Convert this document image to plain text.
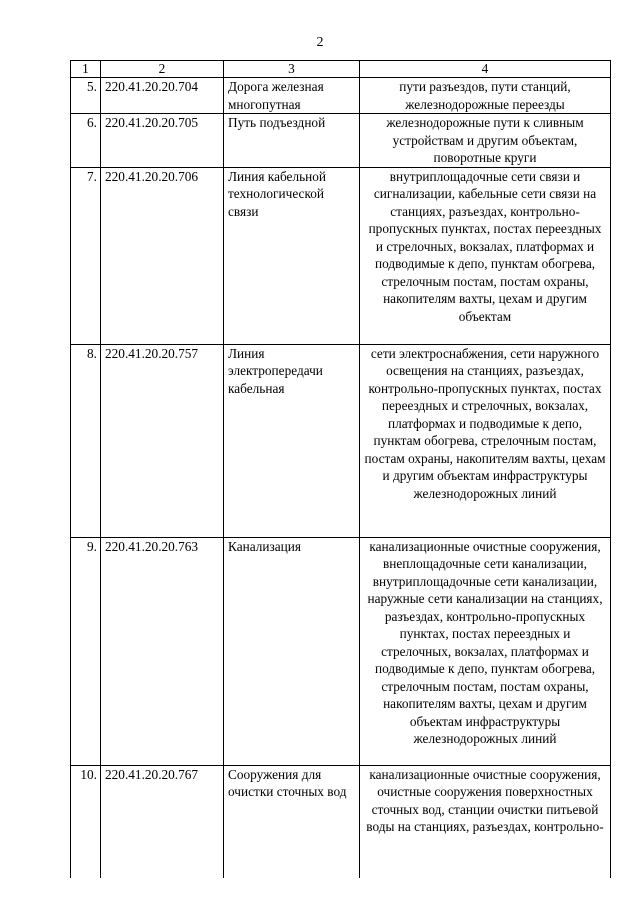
2
1	2	3	4
5.	220.41.20.20.704	Дорога железная многопутная	пути разъездов, пути станций, железнодорожные переезды
6.	220.41.20.20.705	Путь подъездной	железнодорожные пути к сливным устройствам и другим объектам, поворотные круги
7.	220.41.20.20.706	Линия кабельной технологической связи	внутриплощадочные сети связи и сигнализации, кабельные сети связи на станциях, разъездах, контрольно-пропускных пунктах, постах переездных и стрелочных, вокзалах, платформах и подводимые к депо, пунктам обогрева, стрелочным постам, постам охраны, накопителям вахты, цехам и другим объектам
8.	220.41.20.20.757	Линия электропередачи кабельная	сети электроснабжения, сети наружного освещения на станциях, разъездах, контрольно-пропускных пунктах, постах переездных и стрелочных, вокзалах, платформах и подводимые к депо, пунктам обогрева, стрелочным постам, постам охраны, накопителям вахты, цехам и другим объектам инфраструктуры железнодорожных линий
9.	220.41.20.20.763	Канализация	канализационные очистные сооружения, внеплощадочные сети канализации, внутриплощадочные сети канализации, наружные сети канализации на станциях, разъездах, контрольно-пропускных пунктах, постах переездных и стрелочных, вокзалах, платформах и подводимые к депо, пунктам обогрева, стрелочным постам, постам охраны, накопителям вахты, цехам и другим объектам инфраструктуры железнодорожных линий
10.	220.41.20.20.767	Сооружения для очистки сточных вод	канализационные очистные сооружения, очистные сооружения поверхностных сточных вод, станции очистки питьевой воды на станциях, разъездах, контрольно-
